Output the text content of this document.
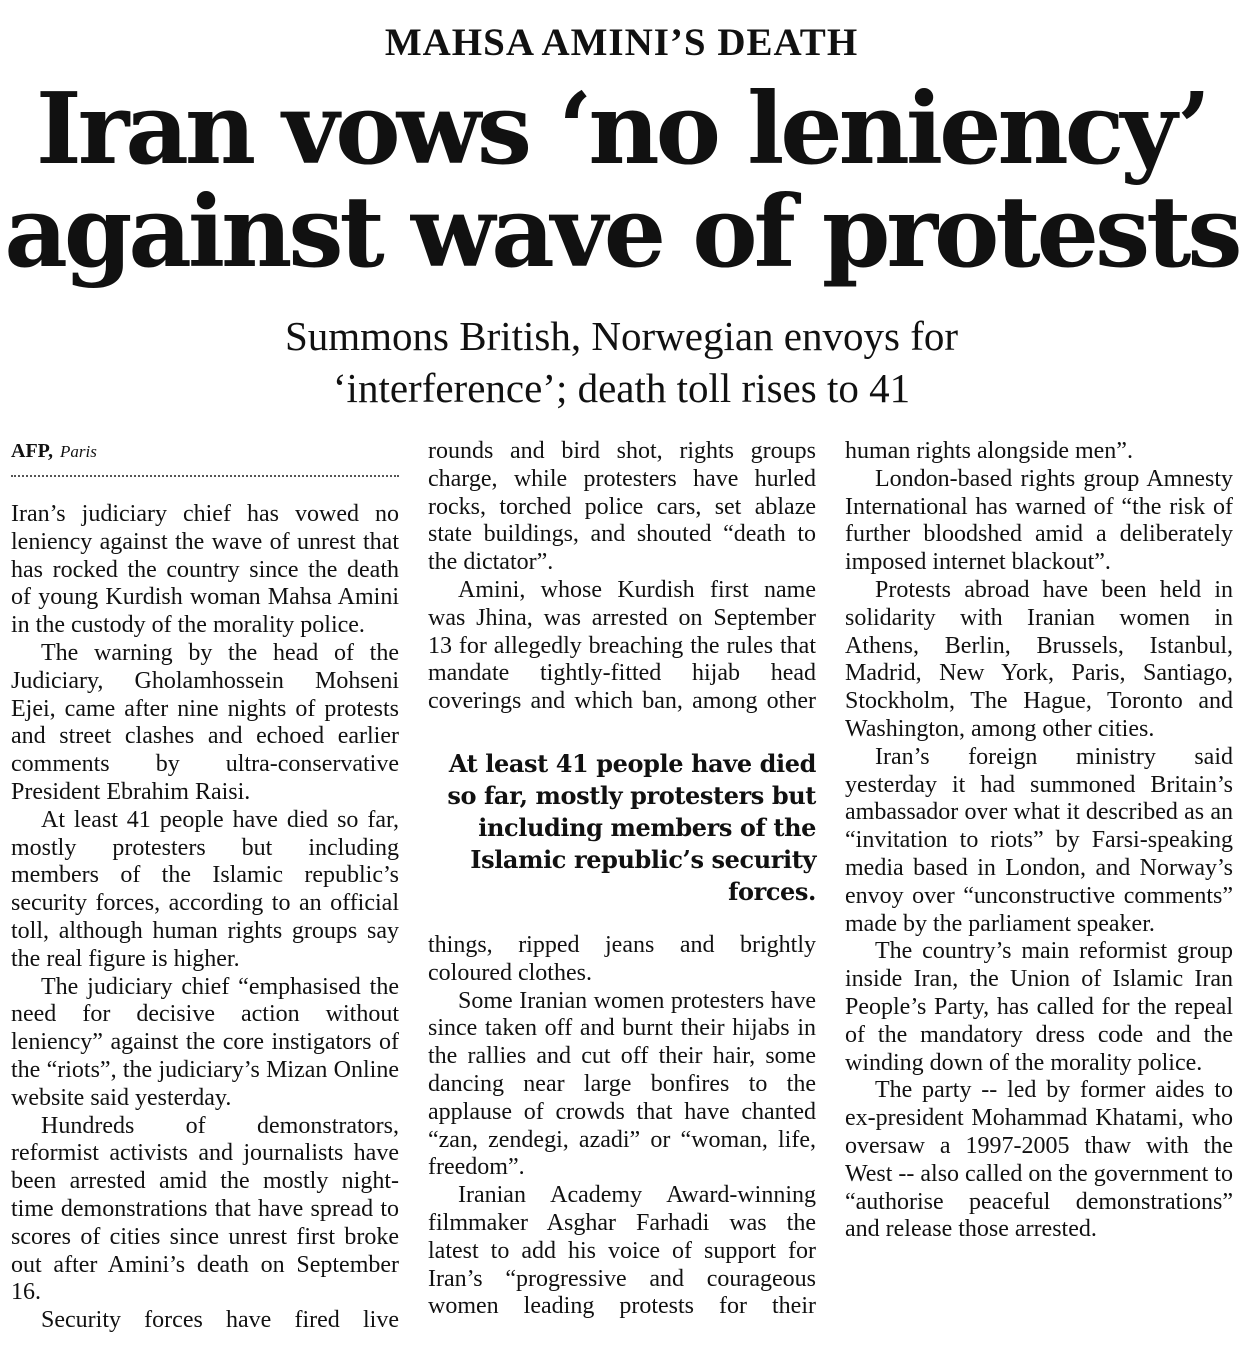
MAHSA AMINI’S DEATH
Iran vows ‘no leniency’
against wave of protests
Summons British, Norwegian envoys for
‘interference’; death toll rises to 41
AFP, Paris

Iran’s judiciary chief has vowed no leniency against the wave of unrest that has rocked the country since the death of young Kurdish woman Mahsa Amini in the custody of the morality police.

The warning by the head of the Judiciary, Gholamhossein Mohseni Ejei, came after nine nights of protests and street clashes and echoed earlier comments by ultra-conservative President Ebrahim Raisi.

At least 41 people have died so far, mostly protesters but including members of the Islamic republic’s security forces, according to an official toll, although human rights groups say the real figure is higher.

The judiciary chief “emphasised the need for decisive action without leniency” against the core instigators of the “riots”, the judiciary’s Mizan Online website said yesterday.

Hundreds of demonstrators, reformist activists and journalists have been arrested amid the mostly night-time demonstrations that have spread to scores of cities since unrest first broke out after Amini’s death on September 16.

Security forces have fired live

rounds and bird shot, rights groups charge, while protesters have hurled rocks, torched police cars, set ablaze state buildings, and shouted “death to the dictator”.

Amini, whose Kurdish first name was Jhina, was arrested on September 13 for allegedly breaching the rules that mandate tightly-fitted hijab head coverings and which ban, among other

At least 41 people have died so far, mostly protesters but including members of the Islamic republic’s security forces.

things, ripped jeans and brightly coloured clothes.

Some Iranian women protesters have since taken off and burnt their hijabs in the rallies and cut off their hair, some dancing near large bonfires to the applause of crowds that have chanted “zan, zendegi, azadi” or “woman, life, freedom”.

Iranian Academy Award-winning filmmaker Asghar Farhadi was the latest to add his voice of support for Iran’s “progressive and courageous women leading protests for their

human rights alongside men”.

London-based rights group Amnesty International has warned of “the risk of further bloodshed amid a deliberately imposed internet blackout”.

Protests abroad have been held in solidarity with Iranian women in Athens, Berlin, Brussels, Istanbul, Madrid, New York, Paris, Santiago, Stockholm, The Hague, Toronto and Washington, among other cities.

Iran’s foreign ministry said yesterday it had summoned Britain’s ambassador over what it described as an “invitation to riots” by Farsi-speaking media based in London, and Norway’s envoy over “unconstructive comments” made by the parliament speaker.

The country’s main reformist group inside Iran, the Union of Islamic Iran People’s Party, has called for the repeal of the mandatory dress code and the winding down of the morality police.

The party -- led by former aides to ex-president Mohammad Khatami, who oversaw a 1997-2005 thaw with the West -- also called on the government to “authorise peaceful demonstrations” and release those arrested.
